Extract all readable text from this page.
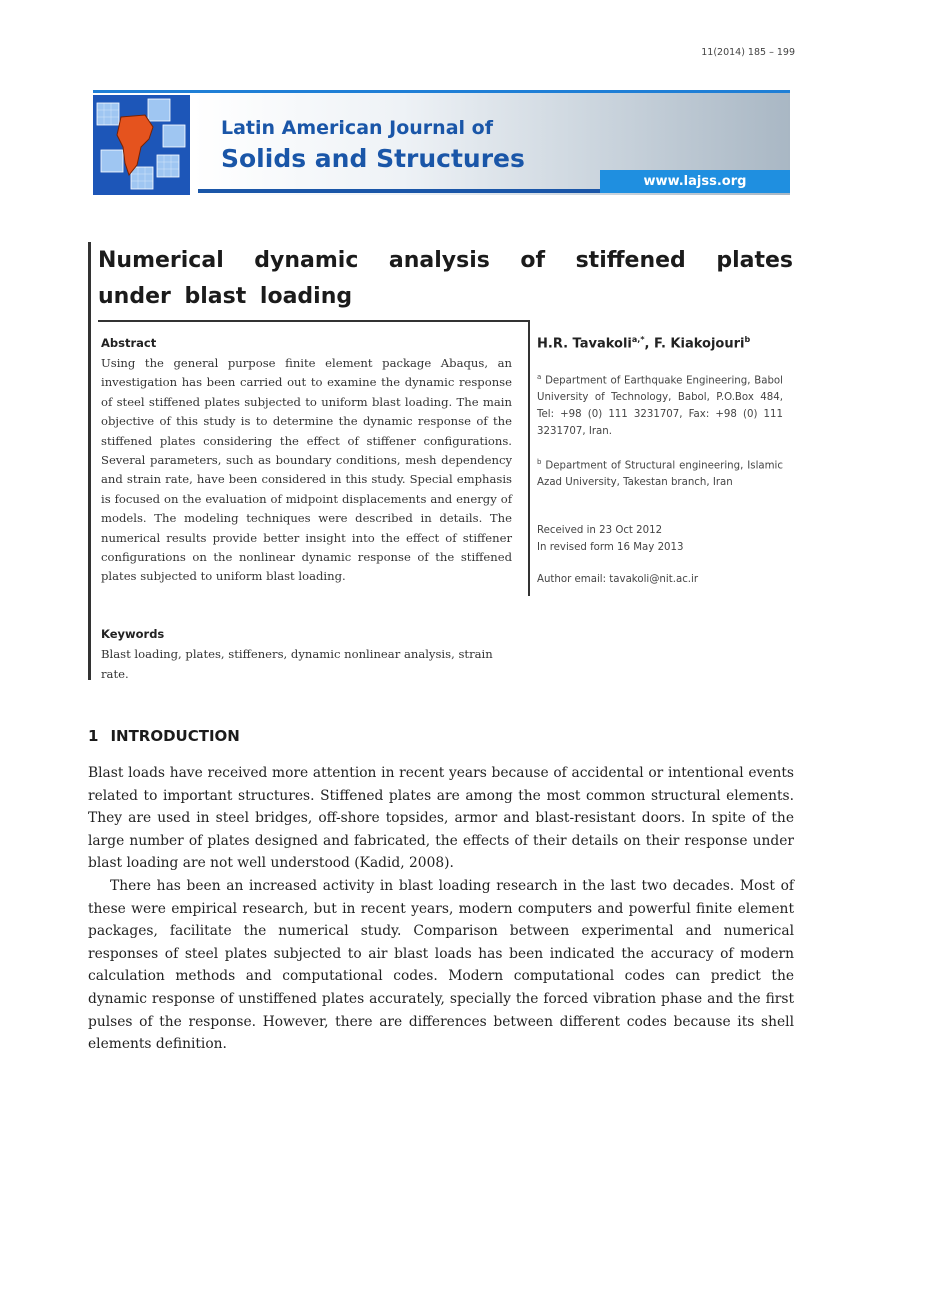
11(2014) 185 – 199
Latin American Journal of
Solids and Structures
www.lajss.org
Numerical dynamic analysis of stiffened plates under blast loading
Abstract

Using the general purpose finite element package Abaqus, an investigation has been carried out to examine the dynamic response of steel stiffened plates subjected to uniform blast loading. The main objective of this study is to determine the dynamic response of the stiffened plates considering the effect of stiffener configurations. Several parameters, such as boundary conditions, mesh dependency and strain rate, have been considered in this study. Special emphasis is focused on the evaluation of midpoint displacements and energy of models. The modeling techniques were described in details. The numerical results provide better insight into the effect of stiffener configurations on the nonlinear dynamic response of the stiffened plates subjected to uniform blast loading.

Keywords

Blast loading, plates, stiffeners, dynamic nonlinear analysis, strain rate.

H.R. Tavakoli$^{a,*}$, F. Kiakojouri$^b$

$^a$ Department of Earthquake Engineering, Babol University of Technology, Babol, P.O.Box 484, Tel: +98 (0) 111 3231707, Fax: +98 (0) 111 3231707, Iran.

$^b$ Department of Structural engineering, Islamic Azad University, Takestan branch, Iran

Received in 23 Oct 2012
In revised form 16 May 2013
Author email: tavakoli@nit.ac.ir
1 INTRODUCTION

Blast loads have received more attention in recent years because of accidental or intentional events related to important structures. Stiffened plates are among the most common structural elements. They are used in steel bridges, off-shore topsides, armor and blast-resistant doors. In spite of the large number of plates designed and fabricated, the effects of their details on their response under blast loading are not well understood (Kadid, 2008).

There has been an increased activity in blast loading research in the last two decades. Most of these were empirical research, but in recent years, modern computers and powerful finite element packages, facilitate the numerical study. Comparison between experimental and numerical responses of steel plates subjected to air blast loads has been indicated the accuracy of modern calculation methods and computational codes. Modern computational codes can predict the dynamic response of unstiffened plates accurately, specially the forced vibration phase and the first pulses of the response. However, there are differences between different codes because its shell elements definition.
